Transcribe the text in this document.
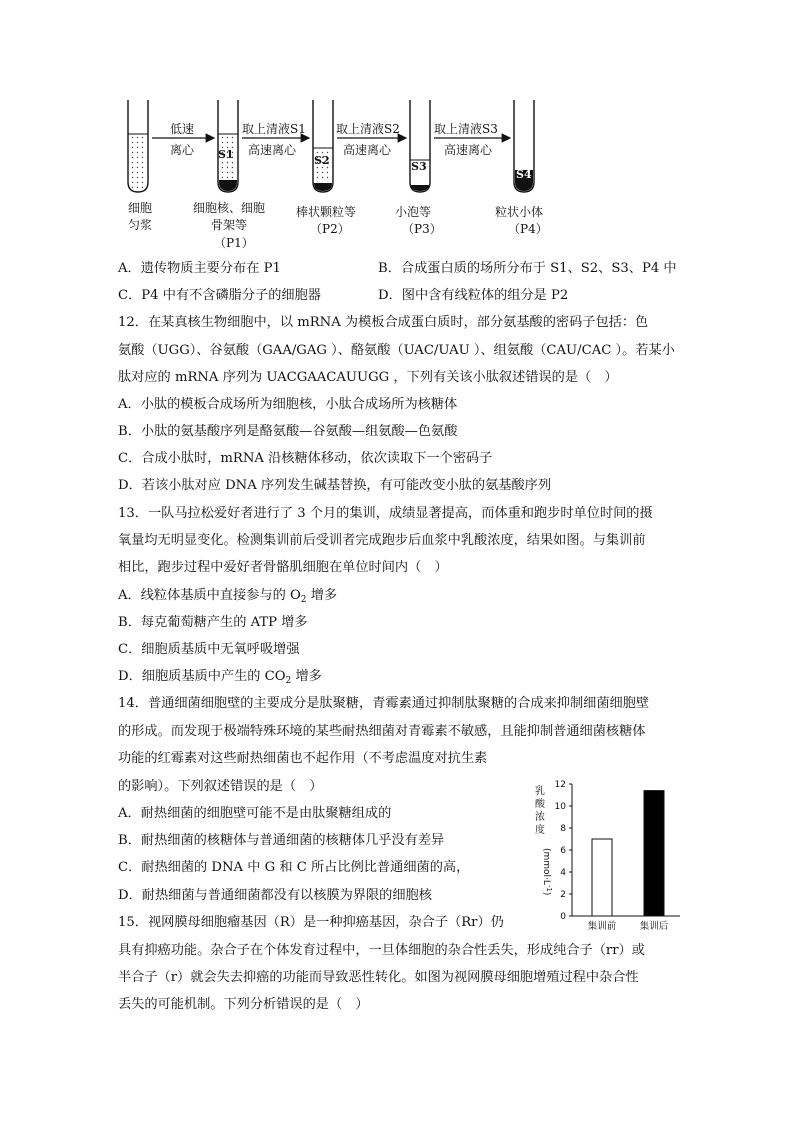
低速
离心
取上清液S1
高速离心
取上清液S2
高速离心
取上清液S3
高速离心
S1	S2	S3
S4
细胞匀浆
细胞核、细胞骨架等
（P1）
棒状颗粒等
（P2）
小泡等
（P3）
粒状小体
（P4）
A．遗传物质主要分布在 P1	B．合成蛋白质的场所分布于 S1、S2、S3、P4 中
C．P4 中有不含磷脂分子的细胞器	D．图中含有线粒体的组分是 P2
12．在某真核生物细胞中，以 mRNA 为模板合成蛋白质时，部分氨基酸的密码子包括：色
氨酸（UGG）、谷氨酸（GAA/GAG ）、酪氨酸（UAC/UAU ）、组氨酸（CAU/CAC ）。若某小
肽对应的 mRNA 序列为 UACGAACAUUGG ，下列有关该小肽叙述错误的是（　）
A．小肽的模板合成场所为细胞核，小肽合成场所为核糖体
B．小肽的氨基酸序列是酪氨酸—谷氨酸—组氨酸—色氨酸
C．合成小肽时，mRNA 沿核糖体移动，依次读取下一个密码子
D．若该小肽对应 DNA 序列发生碱基替换，有可能改变小肽的氨基酸序列
13．一队马拉松爱好者进行了 3 个月的集训，成绩显著提高，而体重和跑步时单位时间的摄
氧量均无明显变化。检测集训前后受训者完成跑步后血浆中乳酸浓度，结果如图。与集训前
相比，跑步过程中爱好者骨骼肌细胞在单位时间内（　）
A．线粒体基质中直接参与的 $O_2$ 增多
B．每克葡萄糖产生的 ATP 增多
C．细胞质基质中无氧呼吸增强
D．细胞质基质中产生的 $CO_2$ 增多
14．普通细菌细胞壁的主要成分是肽聚糖，青霉素通过抑制肽聚糖的合成来抑制细菌细胞壁
的形成。而发现于极端特殊环境的某些耐热细菌对青霉素不敏感，且能抑制普通细菌核糖体
功能的红霉素对这些耐热细菌也不起作用（不考虑温度对抗生素
的影响）。下列叙述错误的是（　）
A．耐热细菌的细胞壁可能不是由肽聚糖组成的
B．耐热细菌的核糖体与普通细菌的核糖体几乎没有差异
C．耐热细菌的 DNA 中 G 和 C 所占比例比普通细菌的高，
D．耐热细菌与普通细菌都没有以核膜为界限的细胞核
15．视网膜母细胞瘤基因（R）是一种抑癌基因，杂合子（Rr）仍
具有抑癌功能。杂合子在个体发育过程中，一旦体细胞的杂合性丢失，形成纯合子（rr）或
半合子（r）就会失去抑癌的功能而导致恶性转化。如图为视网膜母细胞增殖过程中杂合性
丢失的可能机制。下列分析错误的是（　）
0
2
4
6
8
10
12
集训前 集训后
乳
酸
浓
度
$(mmol\cdot L^{-1})$
